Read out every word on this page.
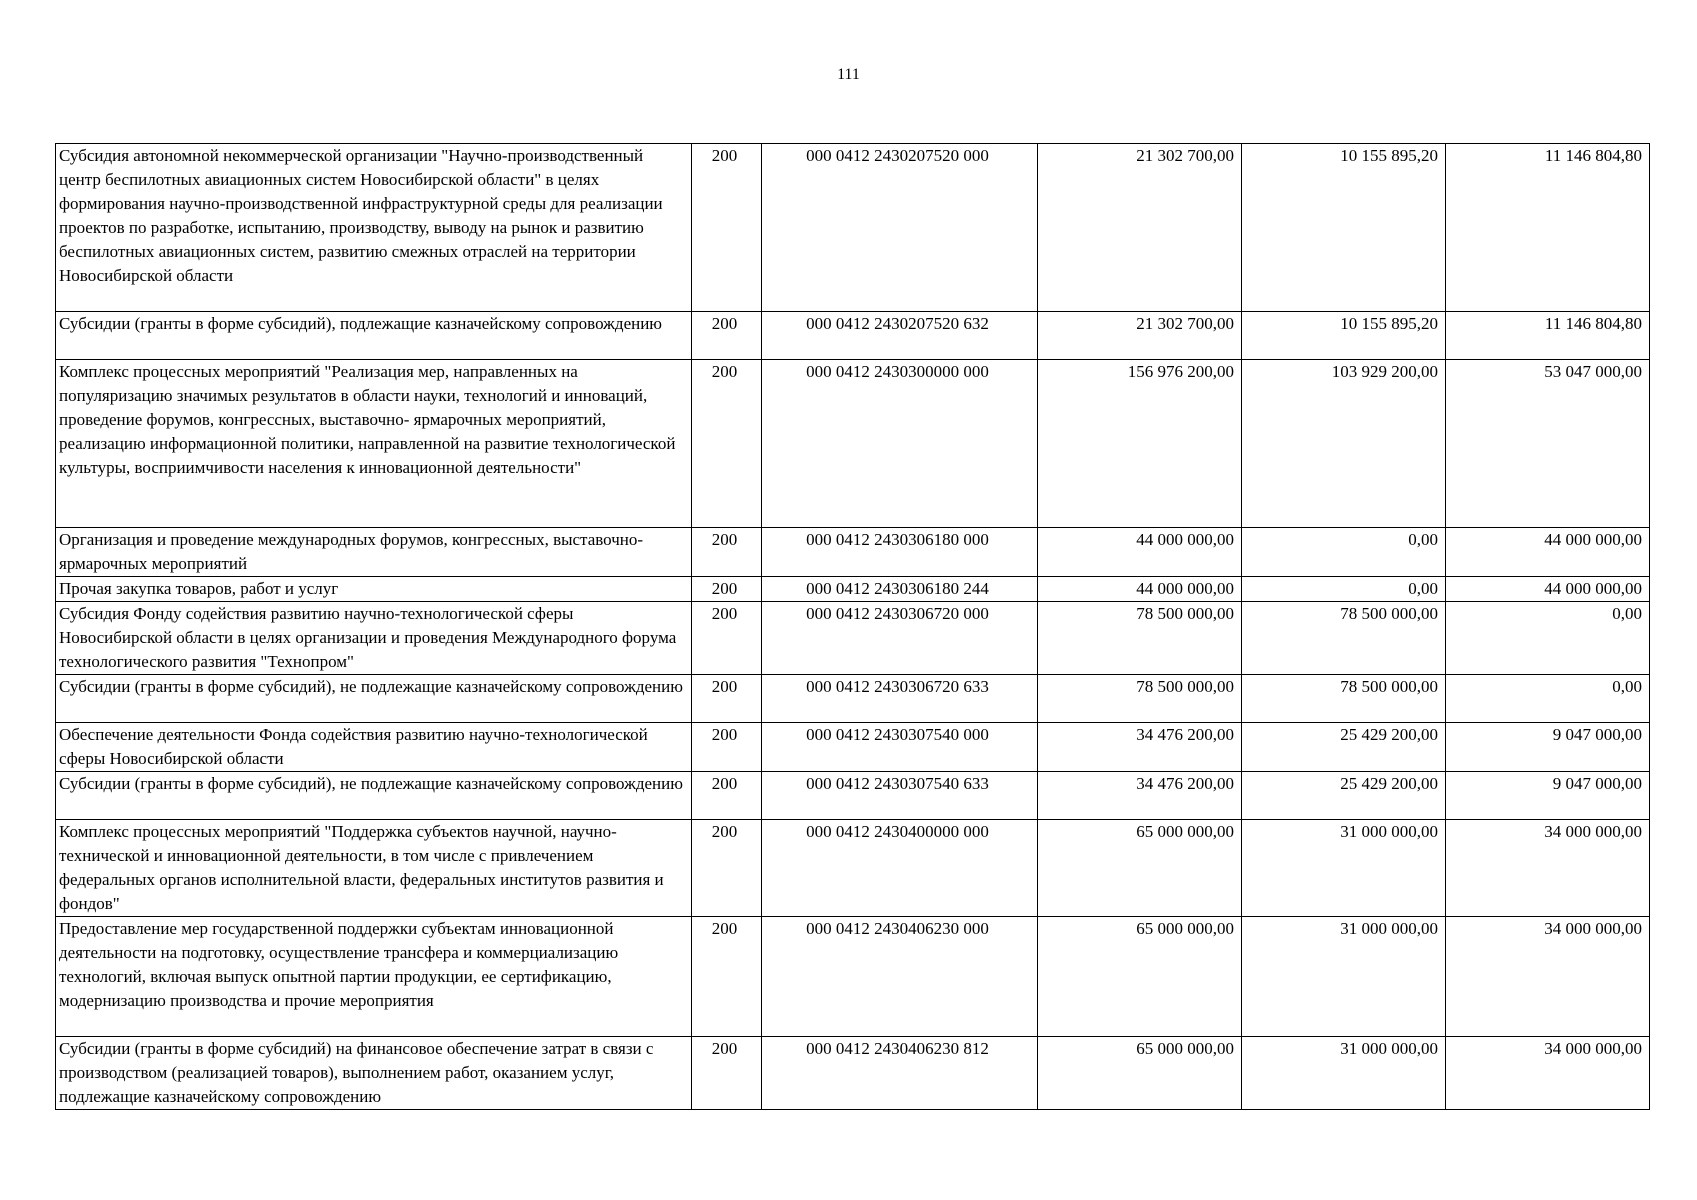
111
Субсидия автономной некоммерческой организации "Научно-производственный центр беспилотных авиационных систем Новосибирской области" в целях формирования научно-производственной инфраструктурной среды для реализации проектов по разработке, испытанию, производству, выводу на рынок и развитию беспилотных авиационных систем, развитию смежных отраслей на территории Новосибирской области	200	000 0412 2430207520 000	21 302 700,00	10 155 895,20	11 146 804,80
Субсидии (гранты в форме субсидий), подлежащие казначейскому сопровождению	200	000 0412 2430207520 632	21 302 700,00	10 155 895,20	11 146 804,80
Комплекс процессных мероприятий "Реализация мер, направленных на популяризацию значимых результатов в области науки, технологий и инноваций, проведение форумов, конгрессных, выставочно- ярмарочных мероприятий, реализацию информационной политики, направленной на развитие технологической культуры, восприимчивости населения к инновационной деятельности"	200	000 0412 2430300000 000	156 976 200,00	103 929 200,00	53 047 000,00
Организация и проведение международных форумов, конгрессных, выставочно-ярмарочных мероприятий	200	000 0412 2430306180 000	44 000 000,00	0,00	44 000 000,00
Прочая закупка товаров, работ и услуг	200	000 0412 2430306180 244	44 000 000,00	0,00	44 000 000,00
Субсидия Фонду содействия развитию научно-технологической сферы Новосибирской области в целях организации и проведения Международного форума технологического развития "Технопром"	200	000 0412 2430306720 000	78 500 000,00	78 500 000,00	0,00
Субсидии (гранты в форме субсидий), не подлежащие казначейскому сопровождению	200	000 0412 2430306720 633	78 500 000,00	78 500 000,00	0,00
Обеспечение деятельности Фонда содействия развитию научно-технологической сферы Новосибирской области	200	000 0412 2430307540 000	34 476 200,00	25 429 200,00	9 047 000,00
Субсидии (гранты в форме субсидий), не подлежащие казначейскому сопровождению	200	000 0412 2430307540 633	34 476 200,00	25 429 200,00	9 047 000,00
Комплекс процессных мероприятий "Поддержка субъектов научной, научно-технической и инновационной деятельности, в том числе с привлечением федеральных органов исполнительной власти, федеральных институтов развития и фондов"	200	000 0412 2430400000 000	65 000 000,00	31 000 000,00	34 000 000,00
Предоставление мер государственной поддержки субъектам инновационной деятельности на подготовку, осуществление трансфера и коммерциализацию технологий, включая выпуск опытной партии продукции, ее сертификацию, модернизацию производства и прочие мероприятия	200	000 0412 2430406230 000	65 000 000,00	31 000 000,00	34 000 000,00
Субсидии (гранты в форме субсидий) на финансовое обеспечение затрат в связи с производством (реализацией товаров), выполнением работ, оказанием услуг, подлежащие казначейскому сопровождению	200	000 0412 2430406230 812	65 000 000,00	31 000 000,00	34 000 000,00
